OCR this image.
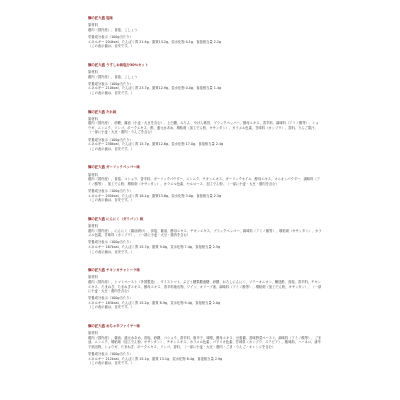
麺の匠大盛 塩味
原材料
鶏肉（国内産）、食塩、こしょう
栄養成分表示（100g当たり）
エネルギー 204kcal、たんぱく質 21.4g、脂質13.2g、炭水化物 0.1g、食塩相当量 2.2g
（この表示値は、目安です。）
麺の匠大盛 うすしお味塩分30%カット
原材料
鶏肉（国内産）、食塩、こしょう
栄養成分表示（100g当たり）
エネルギー 210kcal、たんぱく質 23.7g、脂質12.9g、炭水化物 0.0g、食塩相当量 1.4g
（この表示値は、目安です。）
麺の匠大盛 たれ味
原材料
鶏肉（国内産）、砂糖、醤油（小麦・大豆を含む）、上白糖、みりん、やげん軟骨、ブラックペッパー、酵母エキス、香辛料、調味料（アミノ酸等）、ショウガ、ニンニク、リンゴ、ポークエキス、酢、還元水あめ、増粘剤（加工でん粉、キサンタン）、カラメル色素、甘味料（カンゾウ）、香料、りんご果汁、（一部に小麦・大豆・鶏肉・りんごを含む）
栄養成分表示（100g当たり）
エネルギー 238kcal、たんぱく質 15.7g、脂質12.6g、炭水化物 17.0g、食塩相当量 2.4g
（この表示値は、目安です。）
麺の匠大盛 ガーリックペッパー味
原材料
鶏肉（国内産）、食塩、コショウ、香辛料、ガーリックパウダー、ニンニク、チキンエキス、ガーリックオイル、酵母エキス、オニオンパウダー、調味料（アミノ酸等）、加工でん粉、増粘剤（キサンタン）、カラメル色素、セルロース、加工でん粉、（一部に小麦・大豆・鶏肉を含む）
栄養成分表示（100g当たり）
エネルギー 205kcal、たんぱく質 18.1g、脂質13.6g、炭水化物 3.0g、食塩相当量 2.3g
（この表示値は、目安です。）
麺の匠大盛 にんにく（ガリバン）味
原材料
鶏肉（国内産）、にんにく（醤油漬け）、食塩、醤油、酵母エキス、チキンエキス、ブラックペッパー、調味料（アミノ酸等）、増粘剤（キサンタン）、カラメル色素、甘味料（カンゾウ）、（一部に小麦・大豆・鶏肉を含む）
栄養成分表示（100g当たり）
エネルギー 167kcal、たんぱく質 15.7g、脂質 9.0g、炭水化物 7.4g、食塩相当量 2.5g
（この表示値は、目安です。）
麺の匠大盛 チキンカチャトーラ味
原材料
鶏肉（国内産）、トマトペースト（外国製造）、ダイストマト、ぶどう糖果糖液糖、砂糖、おろしにんにく、ソテーオニオン、醸造酢、食塩、香辛料、チキンエキス、たまねぎ、たまねぎエキス、酵母エキス、香辛料抽出物、ワイン、オリーブ油、調味料（アミノ酸等）、増粘剤（加工でん粉、キサンタン）、（一部に小麦・大豆・鶏肉を含む）
栄養成分表示（100g当たり）
エネルギー 183kcal、たんぱく質 15.2g、脂質 8.9g、炭水化物 9.4g、食塩相当量 2.0g
（この表示値は、目安です。）
麺の匠大盛 めちゃ辛ファイヤー味
原材料
鶏肉（国内産）、醤油、還元水あめ、食塩、砂糖、コショウ、香辛料、唐辛子、味噌、酵母エキス、豆板醤、香味野菜ペースト、調味料（アミノ酸等）、ごま油、ニンニク、増粘剤（加工でん粉、キサンタン）、チキンエキス、カラメル色素、パプリカ色素、甘味料（カンゾウ、ステビア）、酸味料、ハバネロ、唐辛子抽出物、ショウガ、たまねぎ、ポークエキス、リンゴ、香料、（一部に小麦・大豆・鶏肉・ごま・りんご・オレンジを含む）
栄養成分表示（100g当たり）
エネルギー 212kcal、たんぱく質 15.1g、脂質 13.1g、炭水化物 8.4g、食塩相当量 2.9g
（この表示値は、目安です。）
